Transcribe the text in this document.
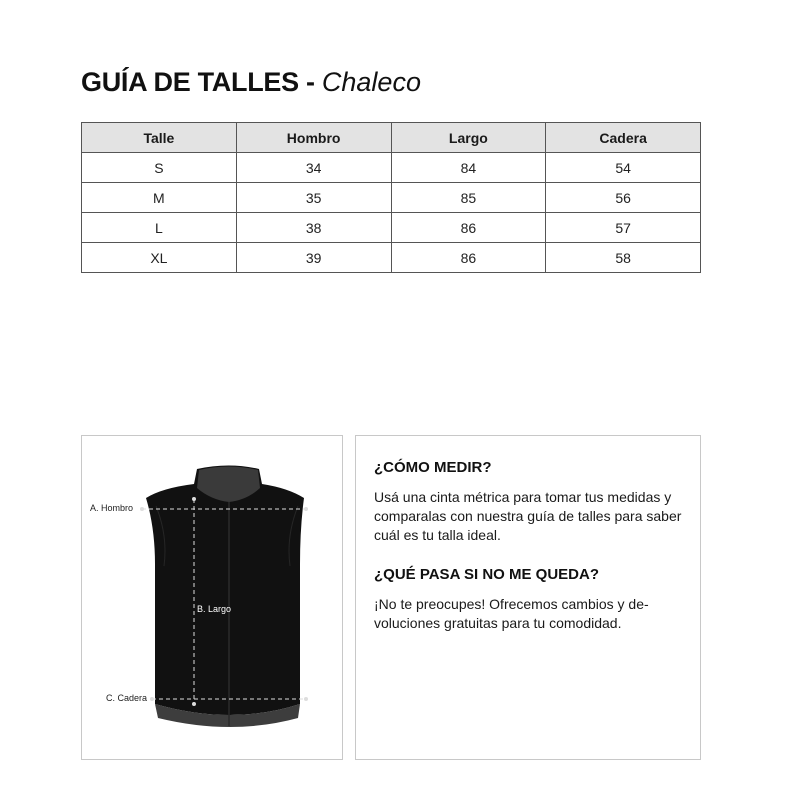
GUÍA DE TALLES - Chaleco
Talle	Hombro	Largo	Cadera
S	34	84	54
M	35	85	56
L	38	86	57
XL	39	86	58
A. Hombro
B. Largo
C. Cadera
¿CÓMO MEDIR?

Usá una cinta métrica para tomar tus medidas y comparalas con nuestra guía de talles para saber cuál es tu talla ideal.

¿QUÉ PASA SI NO ME QUEDA?

¡No te preocupes! Ofrecemos cambios y de-voluciones gratuitas para tu comodidad.
